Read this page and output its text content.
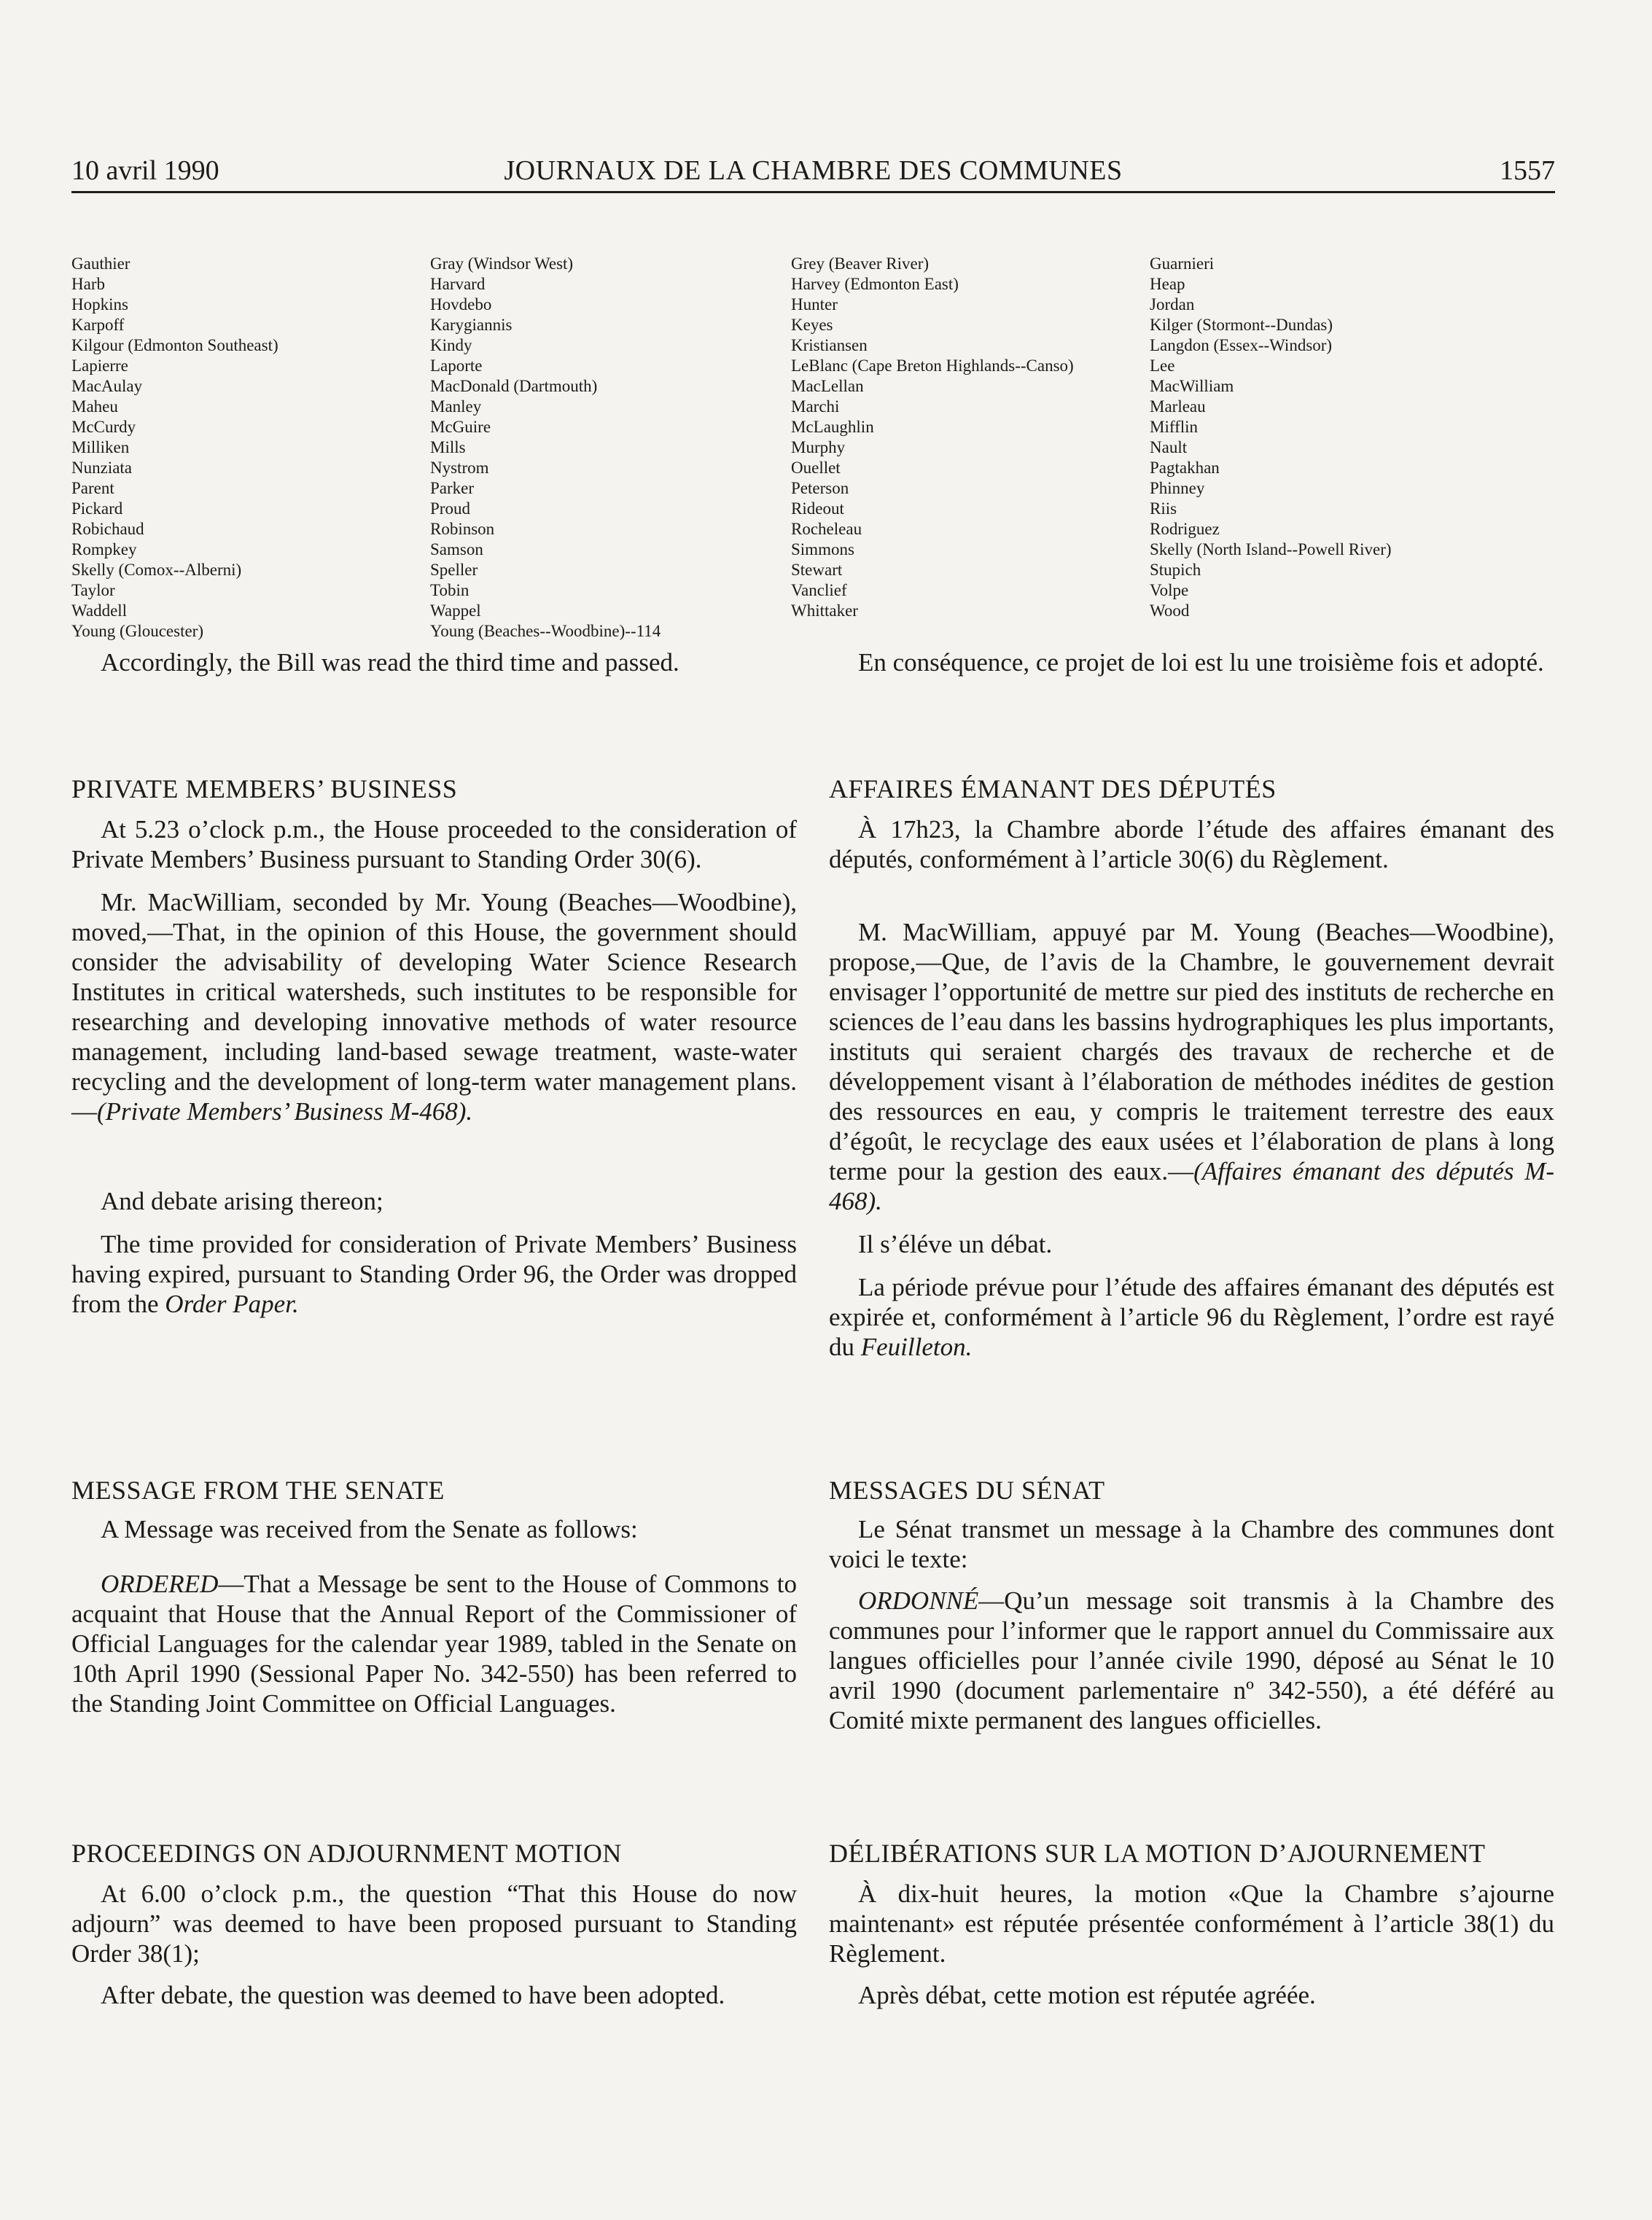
10 avril 1990	JOURNAUX DE LA CHAMBRE DES COMMUNES	1557
Gauthier
Harb
Hopkins
Karpoff
Kilgour (Edmonton Southeast)
Lapierre
MacAulay
Maheu
McCurdy
Milliken
Nunziata
Parent
Pickard
Robichaud
Rompkey
Skelly (Comox--Alberni)
Taylor
Waddell
Young (Gloucester)
Gray (Windsor West)
Harvard
Hovdebo
Karygiannis
Kindy
Laporte
MacDonald (Dartmouth)
Manley
McGuire
Mills
Nystrom
Parker
Proud
Robinson
Samson
Speller
Tobin
Wappel
Young (Beaches--Woodbine)--114
Grey (Beaver River)
Harvey (Edmonton East)
Hunter
Keyes
Kristiansen
LeBlanc (Cape Breton Highlands--Canso)
MacLellan
Marchi
McLaughlin
Murphy
Ouellet
Peterson
Rideout
Rocheleau
Simmons
Stewart
Vanclief
Whittaker
Guarnieri
Heap
Jordan
Kilger (Stormont--Dundas)
Langdon (Essex--Windsor)
Lee
MacWilliam
Marleau
Mifflin
Nault
Pagtakhan
Phinney
Riis
Rodriguez
Skelly (North Island--Powell River)
Stupich
Volpe
Wood

Accordingly, the Bill was read the third time and passed.

PRIVATE MEMBERS’ BUSINESS

At 5.23 o’clock p.m., the House proceeded to the consideration of Private Members’ Business pursuant to Standing Order 30(6).

Mr. MacWilliam, seconded by Mr. Young (Beaches—Woodbine), moved,—That, in the opinion of this House, the government should consider the advisability of developing Water Science Research Institutes in critical watersheds, such institutes to be responsible for researching and developing innovative methods of water resource management, including land-based sewage treatment, waste-water recycling and the development of long-term water management plans.—(Private Members’ Business M-468).

And debate arising thereon;

The time provided for consideration of Private Members’ Business having expired, pursuant to Standing Order 96, the Order was dropped from the Order Paper.

MESSAGE FROM THE SENATE

A Message was received from the Senate as follows:

ORDERED—That a Message be sent to the House of Commons to acquaint that House that the Annual Report of the Commissioner of Official Languages for the calendar year 1989, tabled in the Senate on 10th April 1990 (Sessional Paper No. 342-550) has been referred to the Standing Joint Committee on Official Languages.

PROCEEDINGS ON ADJOURNMENT MOTION

At 6.00 o’clock p.m., the question “That this House do now adjourn” was deemed to have been proposed pursuant to Standing Order 38(1);

After debate, the question was deemed to have been adopted.

En conséquence, ce projet de loi est lu une troisième fois et adopté.

AFFAIRES ÉMANANT DES DÉPUTÉS

À 17h23, la Chambre aborde l’étude des affaires émanant des députés, conformément à l’article 30(6) du Règlement.

M. MacWilliam, appuyé par M. Young (Beaches—Woodbine), propose,—Que, de l’avis de la Chambre, le gouvernement devrait envisager l’opportunité de mettre sur pied des instituts de recherche en sciences de l’eau dans les bassins hydrographiques les plus importants, instituts qui seraient chargés des travaux de recherche et de développement visant à l’élaboration de méthodes inédites de gestion des ressources en eau, y compris le traitement terrestre des eaux d’égoût, le recyclage des eaux usées et l’élaboration de plans à long terme pour la gestion des eaux.—(Affaires émanant des députés M-468).

Il s’éléve un débat.

La période prévue pour l’étude des affaires émanant des députés est expirée et, conformément à l’article 96 du Règlement, l’ordre est rayé du Feuilleton.

MESSAGES DU SÉNAT

Le Sénat transmet un message à la Chambre des communes dont voici le texte:

ORDONNÉ—Qu’un message soit transmis à la Chambre des communes pour l’informer que le rapport annuel du Commissaire aux langues officielles pour l’année civile 1990, déposé au Sénat le 10 avril 1990 (document parlementaire nº 342-550), a été déféré au Comité mixte permanent des langues officielles.

DÉLIBÉRATIONS SUR LA MOTION D’AJOURNEMENT

À dix-huit heures, la motion «Que la Chambre s’ajourne maintenant» est réputée présentée conformément à l’article 38(1) du Règlement.

Après débat, cette motion est réputée agréée.
